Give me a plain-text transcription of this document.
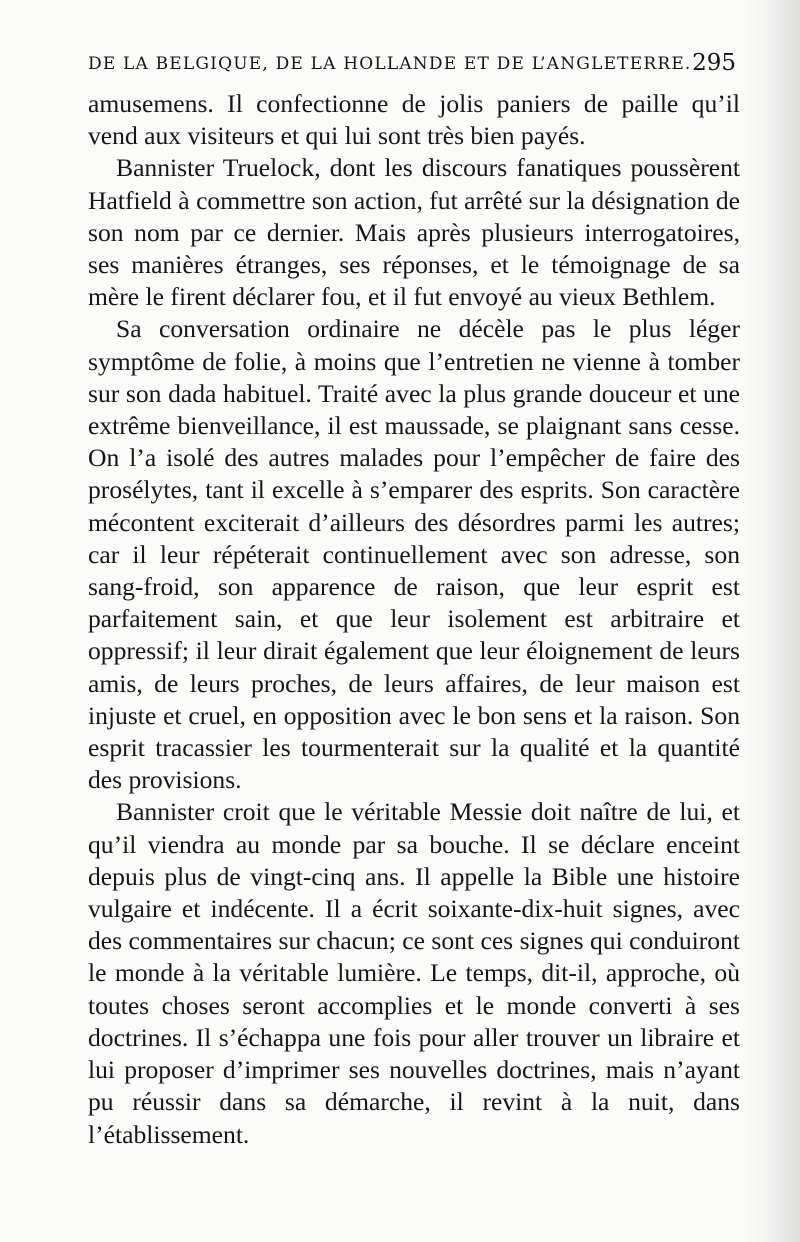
DE LA BELGIQUE, DE LA HOLLANDE ET DE L’ANGLETERRE. 295

amusemens. Il confectionne de jolis paniers de paille qu’il vend aux visiteurs et qui lui sont très bien payés.

Bannister Truelock, dont les discours fanatiques poussèrent Hatfield à commettre son action, fut arrêté sur la désignation de son nom par ce dernier. Mais après plusieurs interrogatoires, ses manières étranges, ses réponses, et le témoignage de sa mère le firent déclarer fou, et il fut envoyé au vieux Bethlem.

Sa conversation ordinaire ne décèle pas le plus léger symptôme de folie, à moins que l’entretien ne vienne à tomber sur son dada habituel. Traité avec la plus grande douceur et une extrême bienveillance, il est maussade, se plaignant sans cesse. On l’a isolé des autres malades pour l’empêcher de faire des prosélytes, tant il excelle à s’emparer des esprits. Son caractère mécontent exciterait d’ailleurs des désordres parmi les autres; car il leur répéterait continuellement avec son adresse, son sang-froid, son apparence de raison, que leur esprit est parfaitement sain, et que leur isolement est arbitraire et oppressif; il leur dirait également que leur éloignement de leurs amis, de leurs proches, de leurs affaires, de leur maison est injuste et cruel, en opposition avec le bon sens et la raison. Son esprit tracassier les tourmenterait sur la qualité et la quantité des provisions.

Bannister croit que le véritable Messie doit naître de lui, et qu’il viendra au monde par sa bouche. Il se déclare enceint depuis plus de vingt-cinq ans. Il appelle la Bible une histoire vulgaire et indécente. Il a écrit soixante-dix-huit signes, avec des commentaires sur chacun; ce sont ces signes qui conduiront le monde à la véritable lumière. Le temps, dit-il, approche, où toutes choses seront accomplies et le monde converti à ses doctrines. Il s’échappa une fois pour aller trouver un libraire et lui proposer d’imprimer ses nouvelles doctrines, mais n’ayant pu réussir dans sa démarche, il revint à la nuit, dans l’établissement.
